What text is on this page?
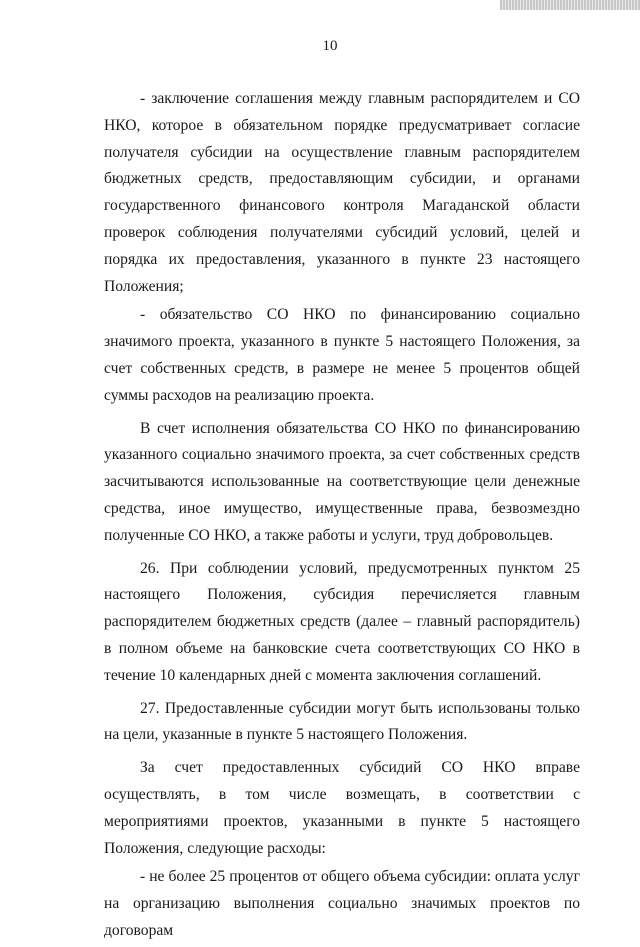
10

- заключение соглашения между главным распорядителем и СО НКО, которое в обязательном порядке предусматривает согласие получателя субсидии на осуществление главным распорядителем бюджетных средств, предоставляющим субсидии, и органами государственного финансового контроля Магаданской области проверок соблюдения получателями субсидий условий, целей и порядка их предоставления, указанного в пункте 23 настоящего Положения;

- обязательство СО НКО по финансированию социально значимого проекта, указанного в пункте 5 настоящего Положения, за счет собственных средств, в размере не менее 5 процентов общей суммы расходов на реализацию проекта.

В счет исполнения обязательства СО НКО по финансированию указанного социально значимого проекта, за счет собственных средств засчитываются использованные на соответствующие цели денежные средства, иное имущество, имущественные права, безвозмездно полученные СО НКО, а также работы и услуги, труд добровольцев.

26. При соблюдении условий, предусмотренных пунктом 25 настоящего Положения, субсидия перечисляется главным распорядителем бюджетных средств (далее – главный распорядитель) в полном объеме на банковские счета соответствующих СО НКО в течение 10 календарных дней с момента заключения соглашений.

27. Предоставленные субсидии могут быть использованы только на цели, указанные в пункте 5 настоящего Положения.

За счет предоставленных субсидий СО НКО вправе осуществлять, в том числе возмещать, в соответствии с мероприятиями проектов, указанными в пункте 5 настоящего Положения, следующие расходы:

- не более 25 процентов от общего объема субсидии: оплата услуг на организацию выполнения социально значимых проектов по договорам
